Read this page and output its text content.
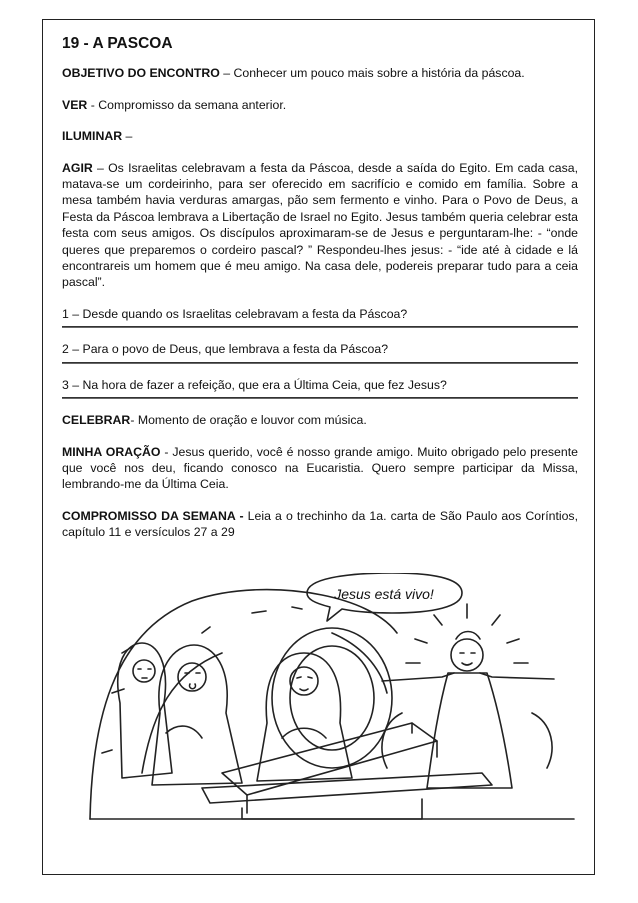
19 - A PASCOA

OBJETIVO DO ENCONTRO – Conhecer um pouco mais sobre a história da páscoa.

VER - Compromisso da semana anterior.

ILUMINAR –

AGIR – Os Israelitas celebravam a festa da Páscoa, desde a saída do Egito. Em cada casa, matava-se um cordeirinho, para ser oferecido em sacrifício e comido em família. Sobre a mesa também havia verduras amargas, pão sem fermento e vinho. Para o Povo de Deus, a Festa da Páscoa lembrava a Libertação de Israel no Egito. Jesus também queria celebrar esta festa com seus amigos. Os discípulos aproximaram-se de Jesus e perguntaram-lhe: - “onde queres que preparemos o cordeiro pascal? ” Respondeu-lhes jesus: - “ide até à cidade e lá encontrareis um homem que é meu amigo. Na casa dele, podereis preparar tudo para a ceia pascal”.

1 – Desde quando os Israelitas celebravam a festa da Páscoa?
2 – Para o povo de Deus, que lembrava a festa da Páscoa?
3 – Na hora de fazer a refeição, que era a Última Ceia, que fez Jesus?

CELEBRAR- Momento de oração e louvor com música.

MINHA ORAÇÃO - Jesus querido, você é nosso grande amigo. Muito obrigado pelo presente que você nos deu, ficando conosco na Eucaristia. Quero sempre participar da Missa, lembrando-me da Última Ceia.

COMPROMISSO DA SEMANA - Leia a o trechinho da 1a. carta de São Paulo aos Coríntios, capítulo 11 e versículos 27 a 29

Jesus está vivo!
